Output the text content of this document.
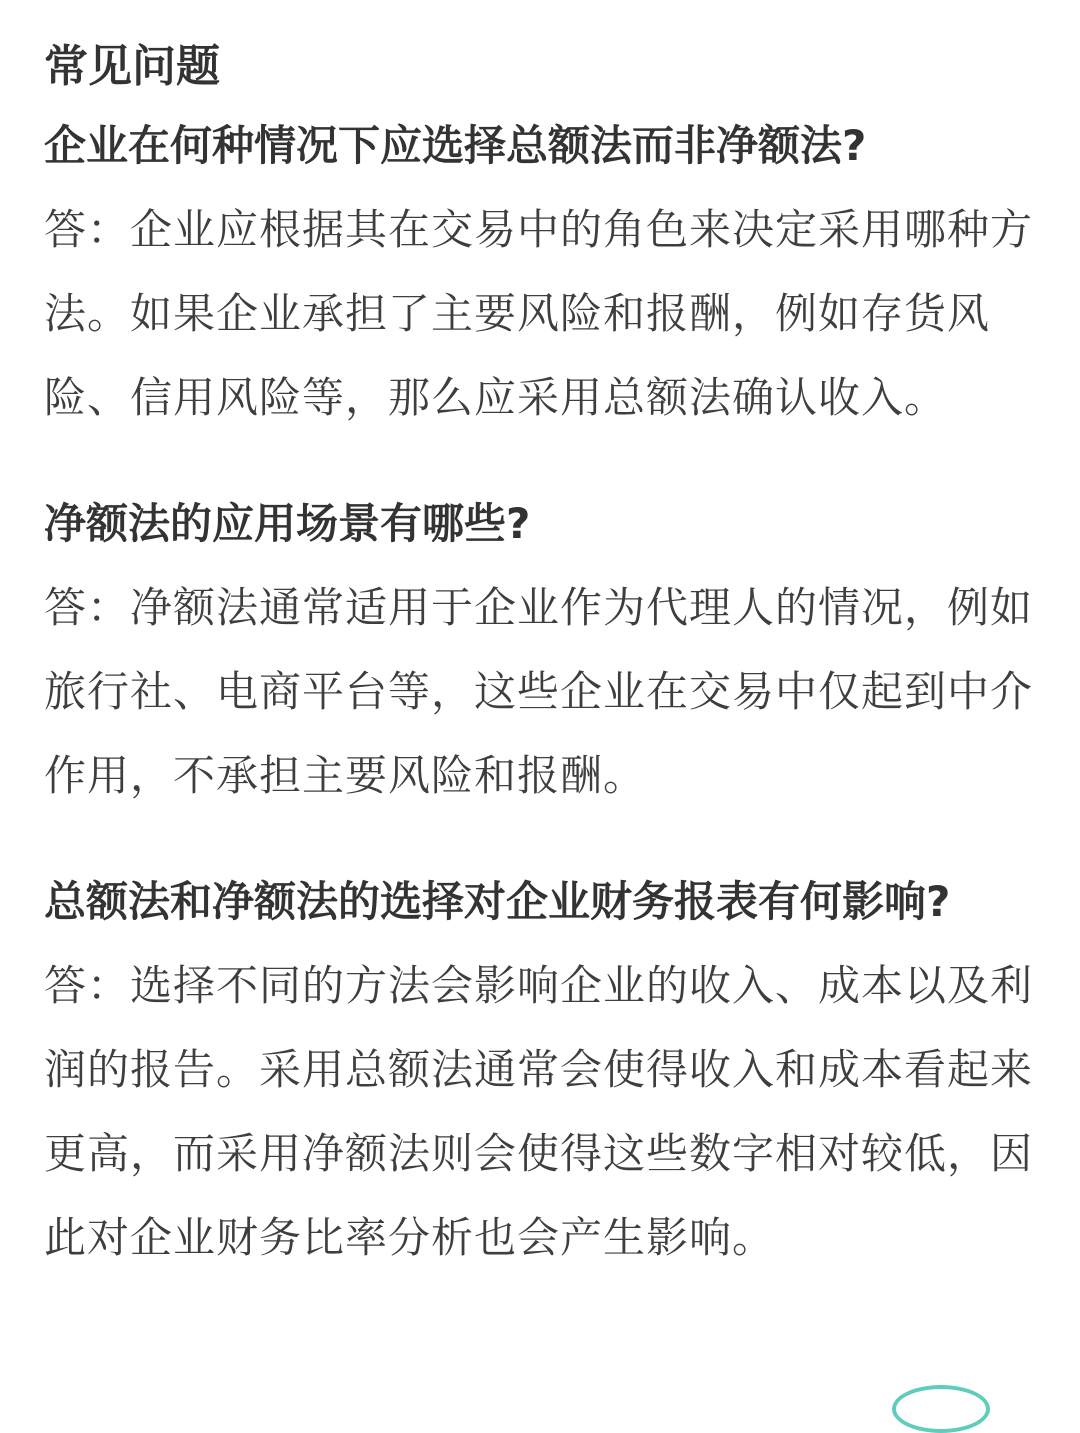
常见问题
企业在何种情况下应选择总额法而非净额法?

答：企业应根据其在交易中的角色来决定采用哪种方法。如果企业承担了主要风险和报酬，例如存货风险、信用风险等，那么应采用总额法确认收入。

净额法的应用场景有哪些?

答：净额法通常适用于企业作为代理人的情况，例如旅行社、电商平台等，这些企业在交易中仅起到中介作用，不承担主要风险和报酬。

总额法和净额法的选择对企业财务报表有何影响?

答：选择不同的方法会影响企业的收入、成本以及利润的报告。采用总额法通常会使得收入和成本看起来更高，而采用净额法则会使得这些数字相对较低，因此对企业财务比率分析也会产生影响。
